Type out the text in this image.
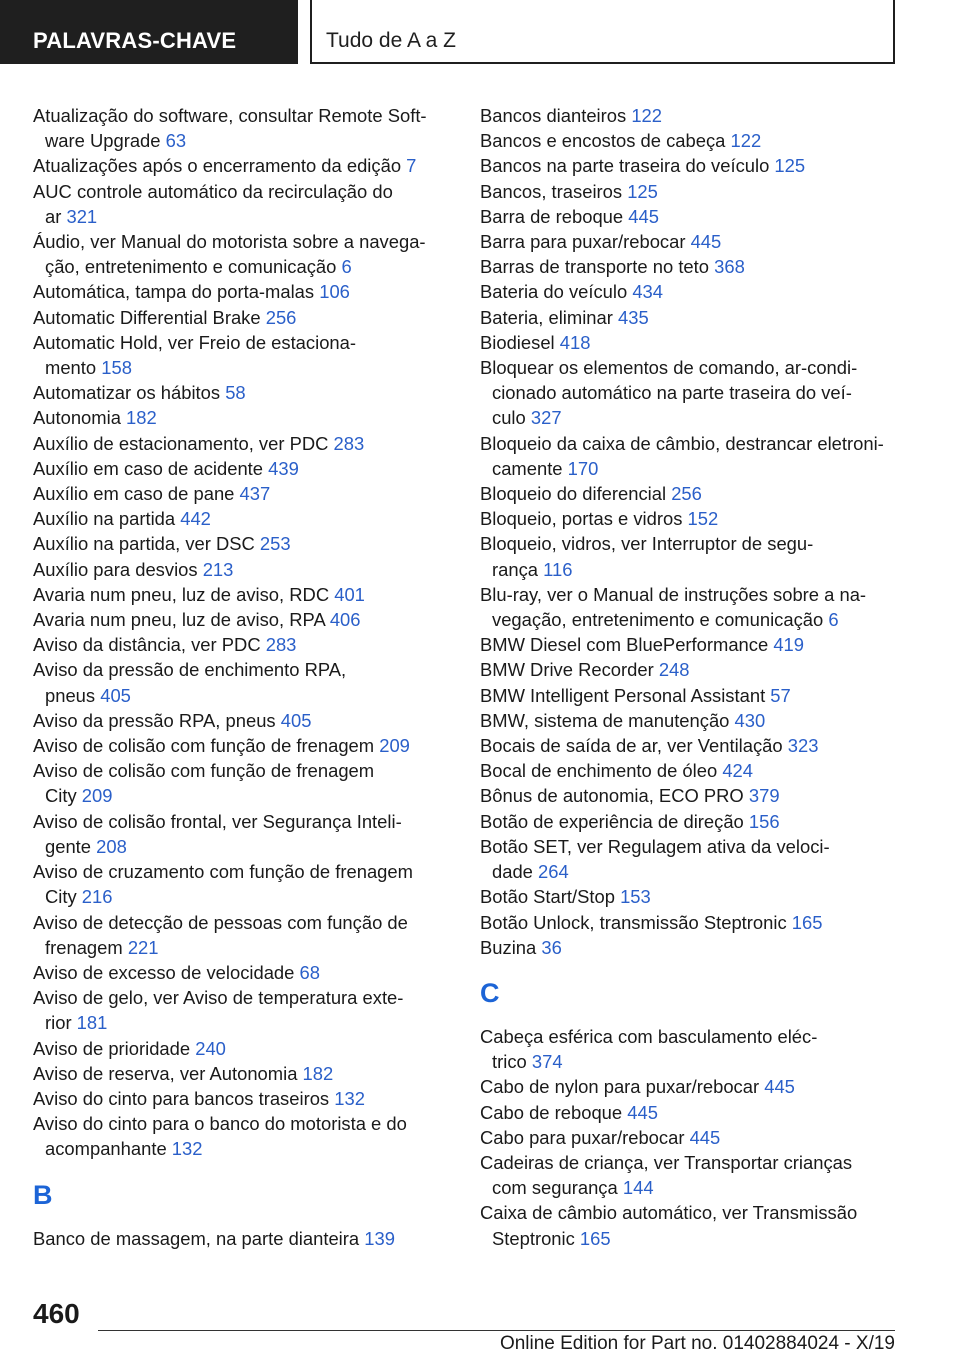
PALAVRAS-CHAVE	Tudo de A a Z
Atualização do software, consultar Remote Soft‐
ware Upgrade 63
Atualizações após o encerramento da edição 7
AUC controle automático da recirculação do
ar 321
Áudio, ver Manual do motorista sobre a navega‐
ção, entretenimento e comunicação 6
Automática, tampa do porta-malas 106
Automatic Differential Brake 256
Automatic Hold, ver Freio de estaciona‐
mento 158
Automatizar os hábitos 58
Autonomia 182
Auxílio de estacionamento, ver PDC 283
Auxílio em caso de acidente 439
Auxílio em caso de pane 437
Auxílio na partida 442
Auxílio na partida, ver DSC 253
Auxílio para desvios 213
Avaria num pneu, luz de aviso, RDC 401
Avaria num pneu, luz de aviso, RPA 406
Aviso da distância, ver PDC 283
Aviso da pressão de enchimento RPA,
pneus 405
Aviso da pressão RPA, pneus 405
Aviso de colisão com função de frenagem 209
Aviso de colisão com função de frenagem
City 209
Aviso de colisão frontal, ver Segurança Inteli‐
gente 208
Aviso de cruzamento com função de frenagem
City 216
Aviso de detecção de pessoas com função de
frenagem 221
Aviso de excesso de velocidade 68
Aviso de gelo, ver Aviso de temperatura exte‐
rior 181
Aviso de prioridade 240
Aviso de reserva, ver Autonomia 182
Aviso do cinto para bancos traseiros 132
Aviso do cinto para o banco do motorista e do
acompanhante 132
B
Banco de massagem, na parte dianteira 139
Bancos dianteiros 122
Bancos e encostos de cabeça 122
Bancos na parte traseira do veículo 125
Bancos, traseiros 125
Barra de reboque 445
Barra para puxar/rebocar 445
Barras de transporte no teto 368
Bateria do veículo 434
Bateria, eliminar 435
Biodiesel 418
Bloquear os elementos de comando, ar-condi‐
cionado automático na parte traseira do veí‐
culo 327
Bloqueio da caixa de câmbio, destrancar eletroni‐
camente 170
Bloqueio do diferencial 256
Bloqueio, portas e vidros 152
Bloqueio, vidros, ver Interruptor de segu‐
rança 116
Blu-ray, ver o Manual de instruções sobre a na‐
vegação, entretenimento e comunicação 6
BMW Diesel com BluePerformance 419
BMW Drive Recorder 248
BMW Intelligent Personal Assistant 57
BMW, sistema de manutenção 430
Bocais de saída de ar, ver Ventilação 323
Bocal de enchimento de óleo 424
Bônus de autonomia, ECO PRO 379
Botão de experiência de direção 156
Botão SET, ver Regulagem ativa da veloci‐
dade 264
Botão Start/Stop 153
Botão Unlock, transmissão Steptronic 165
Buzina 36
C
Cabeça esférica com basculamento eléc‐
trico 374
Cabo de nylon para puxar/rebocar 445
Cabo de reboque 445
Cabo para puxar/rebocar 445
Cadeiras de criança, ver Transportar crianças
com segurança 144
Caixa de câmbio automático, ver Transmissão
Steptronic 165
460
Online Edition for Part no. 01402884024 - X/19
